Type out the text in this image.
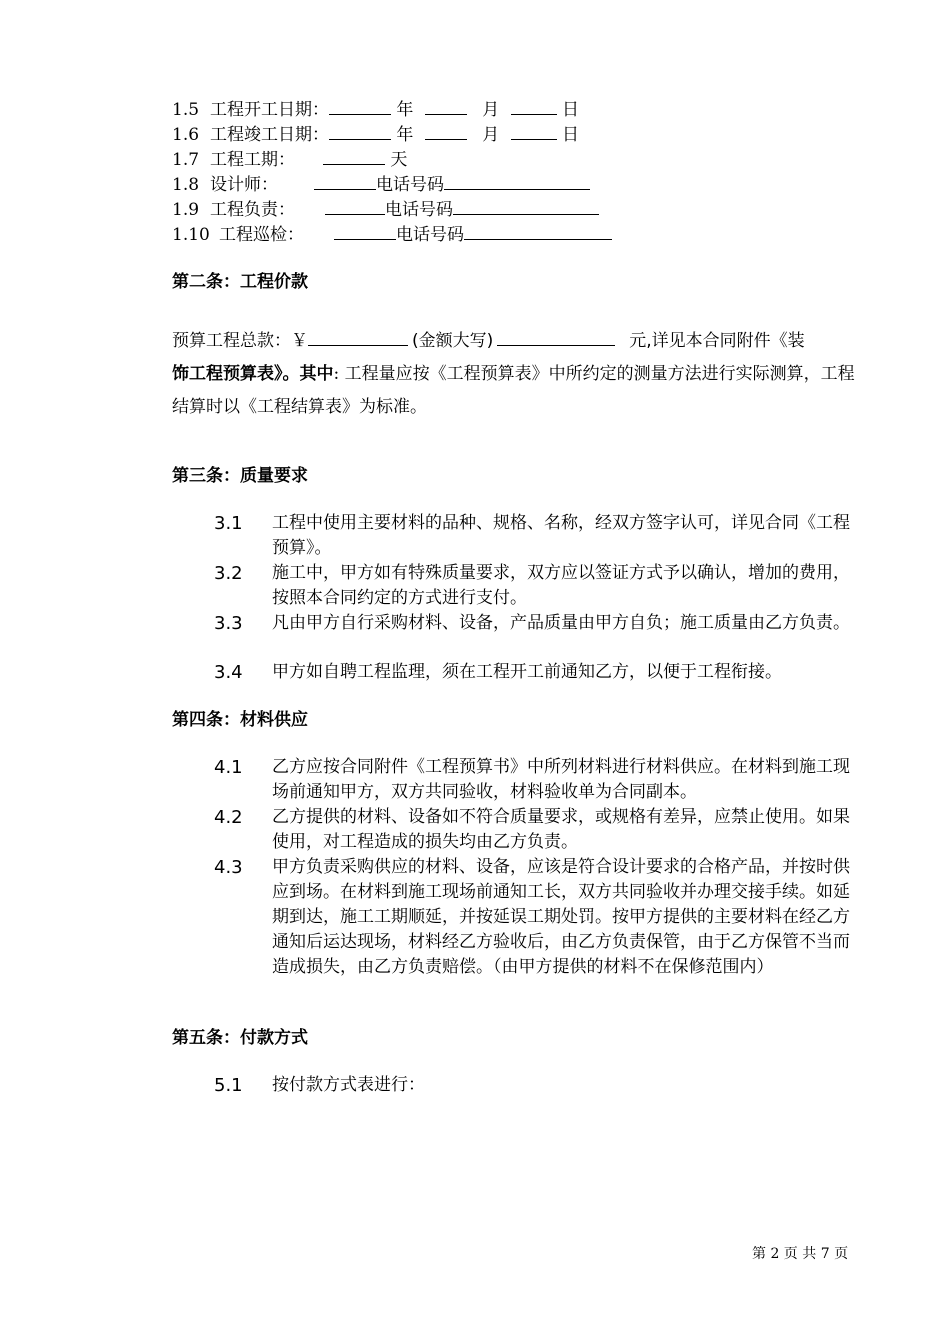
1.5 工程开工日期：	年	月	日
1.6 工程竣工日期：	年	月	日
1.7 工程工期：	天
1.8 设计师：	电话号码
1.9 工程负责：	电话号码
1.10 工程巡检：	电话号码
第二条：工程价款
预算工程总款：￥	(金额大写)	元,详见本合同附件《装
饰工程预算表》。其中: 工程量应按《工程预算表》中所约定的测量方法进行实际测算，工程结算时以《工程结算表》为标准。
第三条：质量要求
3.1 工程中使用主要材料的品种、规格、名称，经双方签字认可，详见合同《工程预算》。
3.2 施工中，甲方如有特殊质量要求，双方应以签证方式予以确认，增加的费用，按照本合同约定的方式进行支付。
3.3 凡由甲方自行采购材料、设备，产品质量由甲方自负；施工质量由乙方负责。
3.4 甲方如自聘工程监理，须在工程开工前通知乙方，以便于工程衔接。
第四条：材料供应
4.1 乙方应按合同附件《工程预算书》中所列材料进行材料供应。在材料到施工现场前通知甲方，双方共同验收，材料验收单为合同副本。
4.2 乙方提供的材料、设备如不符合质量要求，或规格有差异，应禁止使用。如果使用，对工程造成的损失均由乙方负责。
4.3 甲方负责采购供应的材料、设备，应该是符合设计要求的合格产品，并按时供应到场。在材料到施工现场前通知工长，双方共同验收并办理交接手续。如延期到达，施工工期顺延，并按延误工期处罚。按甲方提供的主要材料在经乙方通知后运达现场，材料经乙方验收后，由乙方负责保管，由于乙方保管不当而造成损失，由乙方负责赔偿。（由甲方提供的材料不在保修范围内）
第五条：付款方式
5.1 按付款方式表进行：
第 2 页 共 7 页
